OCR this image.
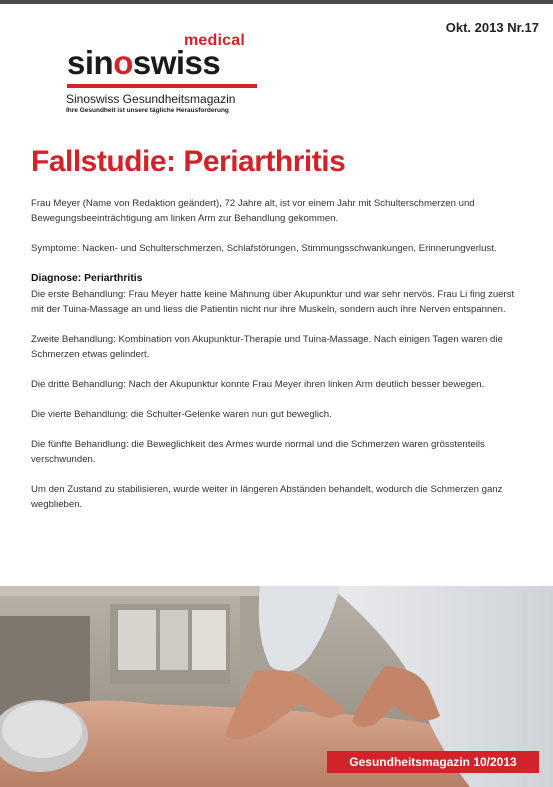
Okt. 2013 Nr.17
medical
sinoswiss
Sinoswiss Gesundheitsmagazin
Ihre Gesundheit ist unsere tägliche Herausforderung
Fallstudie: Periarthritis

Frau Meyer (Name von Redaktion geändert), 72 Jahre alt, ist vor einem Jahr mit Schulterschmerzen und Bewegungsbeeinträchtigung am linken Arm zur Behandlung gekommen.

Symptome: Nacken- und Schulterschmerzen, Schlafstörungen, Stimmungsschwankungen, Erinnerungverlust.

Diagnose: Periarthritis

Die erste Behandlung: Frau Meyer hatte keine Mahnung über Akupunktur und war sehr nervös. Frau Li fing zuerst mit der Tuina-Massage an und liess die Patientin nicht nur ihre Muskeln, sondern auch ihre Nerven entspannen.

Zweite Behandlung: Kombination von Akupunktur-Therapie und Tuina-Massage. Nach einigen Tagen waren die Schmerzen etwas gelindert.

Die dritte Behandlung: Nach der Akupunktur konnte Frau Meyer ihren linken Arm deutlich besser bewegen.

Die vierte Behandlung: die Schulter-Gelenke waren nun gut beweglich.

Die fünfte Behandlung: die Beweglichkeit des Armes wurde normal und die Schmerzen waren grösstenteils verschwunden.

Um den Zustand zu stabilisieren, wurde weiter in längeren Abständen behandelt, wodurch die Schmerzen ganz wegblieben.

Gesundheitsmagazin 10/2013
